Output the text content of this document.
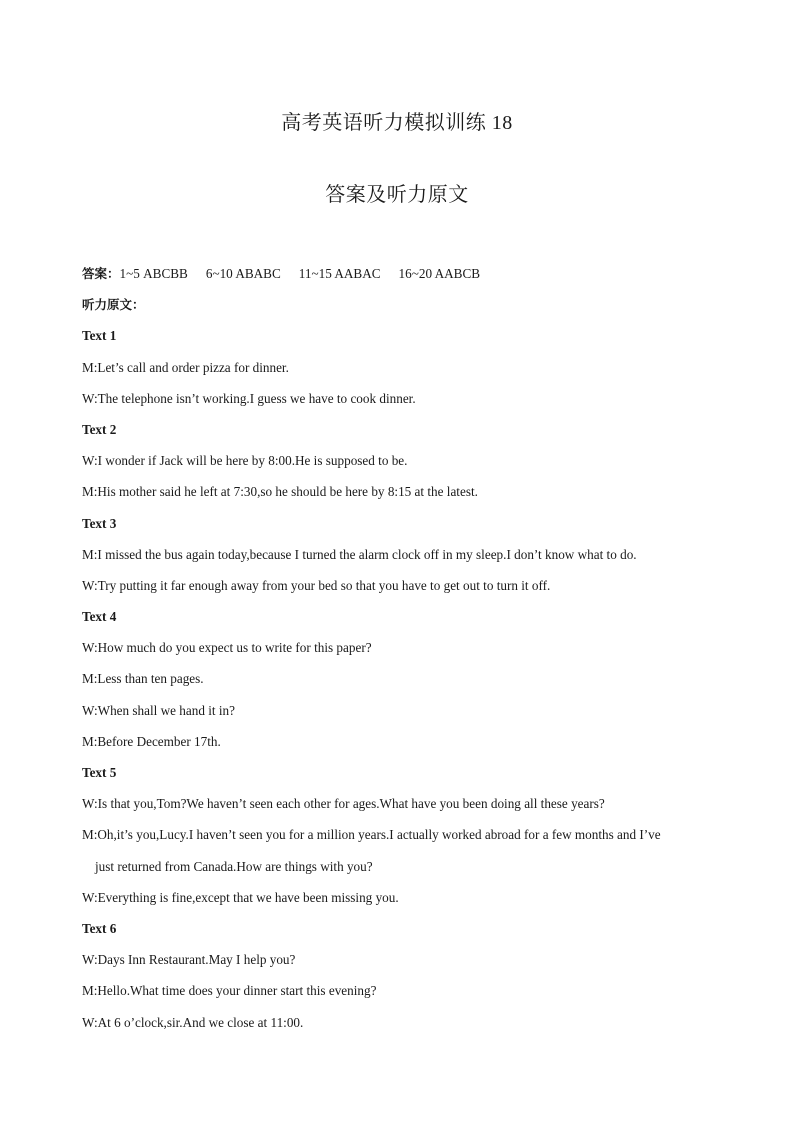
高考英语听力模拟训练 18
答案及听力原文
答案：1~5 ABCBB 6~10 ABABC 11~15 AABAC 16~20 AABCB
听力原文：
Text 1
M:Let’s call and order pizza for dinner.
W:The telephone isn’t working.I guess we have to cook dinner.
Text 2
W:I wonder if Jack will be here by 8:00.He is supposed to be.
M:His mother said he left at 7:30,so he should be here by 8:15 at the latest.
Text 3
M:I missed the bus again today,because I turned the alarm clock off in my sleep.I don’t know what to do.
W:Try putting it far enough away from your bed so that you have to get out to turn it off.
Text 4
W:How much do you expect us to write for this paper?
M:Less than ten pages.
W:When shall we hand it in?
M:Before December 17th.
Text 5
W:Is that you,Tom?We haven’t seen each other for ages.What have you been doing all these years?
M:Oh,it’s you,Lucy.I haven’t seen you for a million years.I actually worked abroad for a few months and I’ve
just returned from Canada.How are things with you?
W:Everything is fine,except that we have been missing you.
Text 6
W:Days Inn Restaurant.May I help you?
M:Hello.What time does your dinner start this evening?
W:At 6 o’clock,sir.And we close at 11:00.
